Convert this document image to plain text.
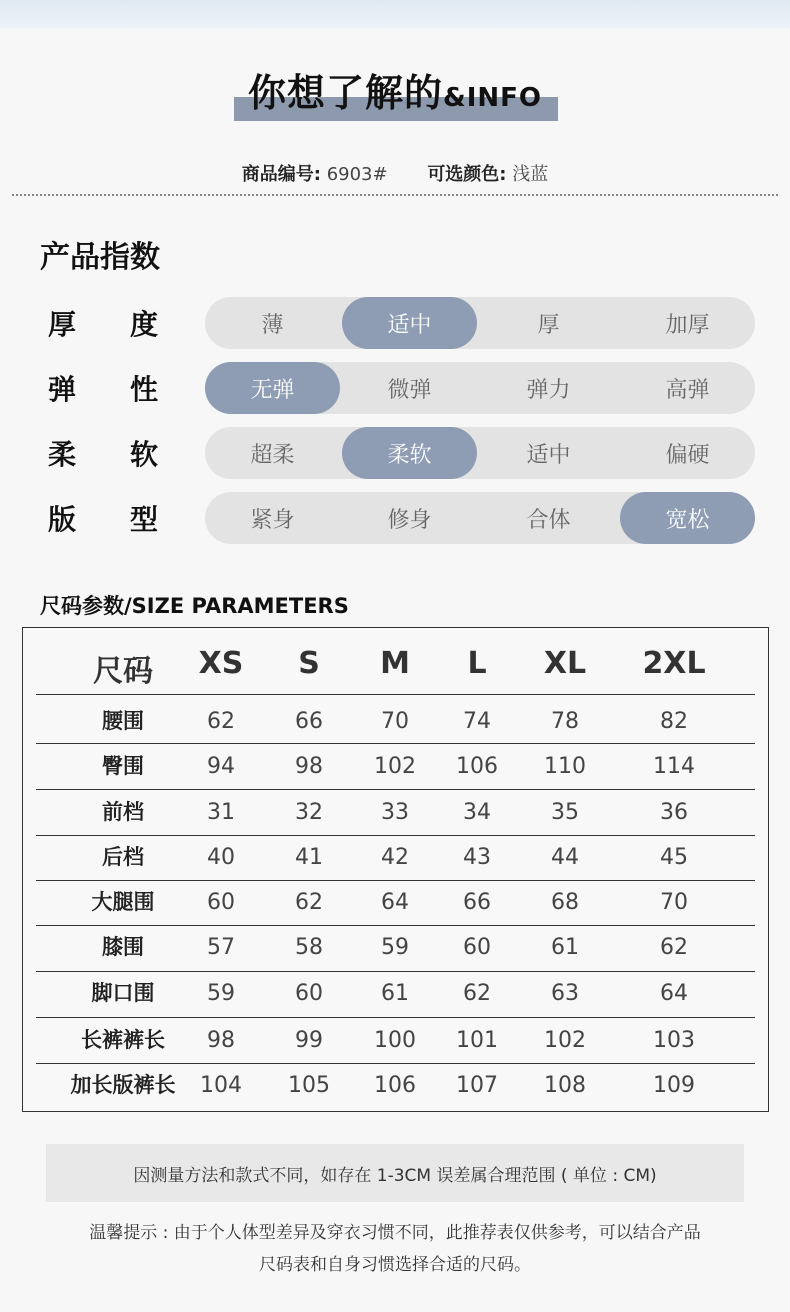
你想了解的&INFO
商品编号: 6903# 可选颜色: 浅蓝
产品指数
厚 度	薄	适中	厚	加厚
弹 性	无弹	微弹	弹力	高弹
柔 软	超柔	柔软	适中	偏硬
版 型	紧身	修身	合体	宽松
尺码参数/SIZE PARAMETERS
尺码	XS	S	M	L	XL	2XL
腰围	62	66	70	74	78	82
臀围	94	98	102	106	110	114
前档	31	32	33	34	35	36
后档	40	41	42	43	44	45
大腿围	60	62	64	66	68	70
膝围	57	58	59	60	61	62
脚口围	59	60	61	62	63	64
长裤裤长	98	99	100	101	102	103
加长版裤长	104	105	106	107	108	109
因测量方法和款式不同，如存在 1-3CM 误差属合理范围 ( 单位 : CM)
温馨提示 : 由于个人体型差异及穿衣习惯不同，此推荐表仅供参考，可以结合产品
尺码表和自身习惯选择合适的尺码。
